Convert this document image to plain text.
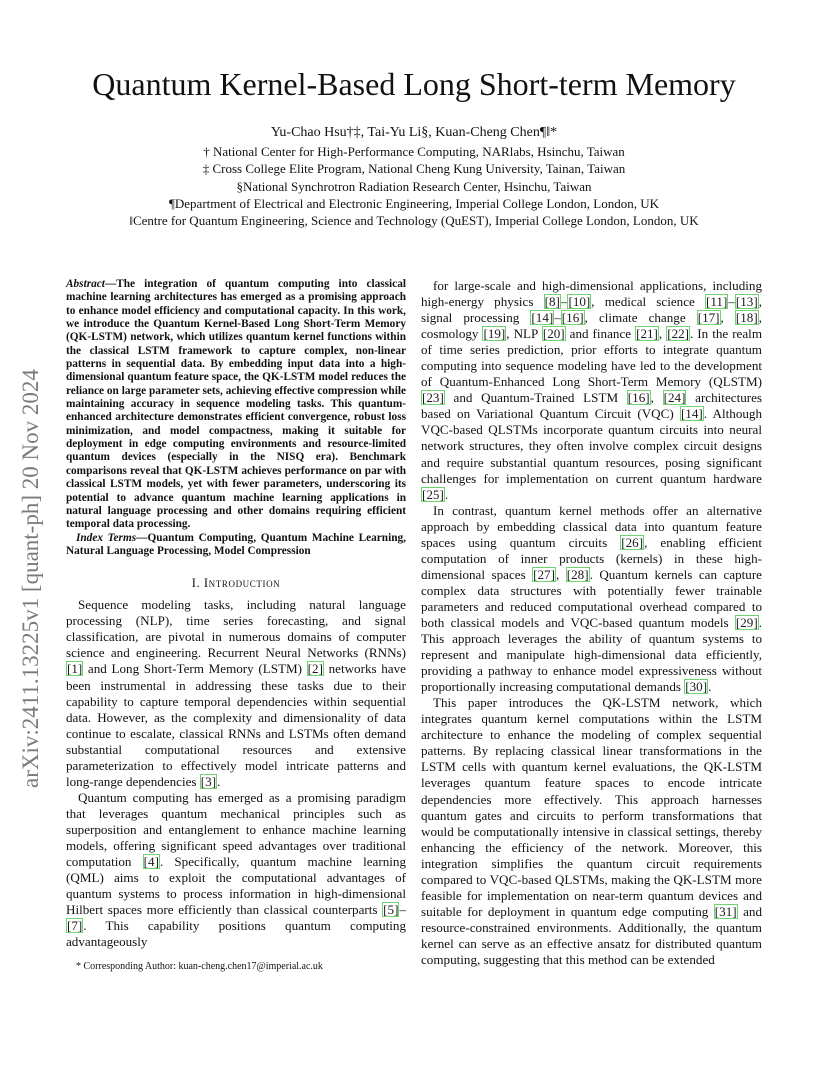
arXiv:2411.13225v1 [quant-ph] 20 Nov 2024
Quantum Kernel-Based Long Short-term Memory
Yu-Chao Hsu†‡, Tai-Yu Li§, Kuan-Cheng Chen¶‖*
† National Center for High-Performance Computing, NARlabs, Hsinchu, Taiwan
‡ Cross College Elite Program, National Cheng Kung University, Tainan, Taiwan
§National Synchrotron Radiation Research Center, Hsinchu, Taiwan
¶Department of Electrical and Electronic Engineering, Imperial College London, London, UK
‖Centre for Quantum Engineering, Science and Technology (QuEST), Imperial College London, London, UK

Abstract—The integration of quantum computing into classical machine learning architectures has emerged as a promising approach to enhance model efficiency and computational capacity. In this work, we introduce the Quantum Kernel-Based Long Short-Term Memory (QK-LSTM) network, which utilizes quantum kernel functions within the classical LSTM framework to capture complex, non-linear patterns in sequential data. By embedding input data into a high-dimensional quantum feature space, the QK-LSTM model reduces the reliance on large parameter sets, achieving effective compression while maintaining accuracy in sequence modeling tasks. This quantum-enhanced architecture demonstrates efficient convergence, robust loss minimization, and model compactness, making it suitable for deployment in edge computing environments and resource-limited quantum devices (especially in the NISQ era). Benchmark comparisons reveal that QK-LSTM achieves performance on par with classical LSTM models, yet with fewer parameters, underscoring its potential to advance quantum machine learning applications in natural language processing and other domains requiring efficient temporal data processing.

Index Terms—Quantum Computing, Quantum Machine Learning, Natural Language Processing, Model Compression

I. Introduction

Sequence modeling tasks, including natural language processing (NLP), time series forecasting, and signal classification, are pivotal in numerous domains of computer science and engineering. Recurrent Neural Networks (RNNs) [1] and Long Short-Term Memory (LSTM) [2] networks have been instrumental in addressing these tasks due to their capability to capture temporal dependencies within sequential data. However, as the complexity and dimensionality of data continue to escalate, classical RNNs and LSTMs often demand substantial computational resources and extensive parameterization to effectively model intricate patterns and long-range dependencies [3].

Quantum computing has emerged as a promising paradigm that leverages quantum mechanical principles such as superposition and entanglement to enhance machine learning models, offering significant speed advantages over traditional computation [4]. Specifically, quantum machine learning (QML) aims to exploit the computational advantages of quantum systems to process information in high-dimensional Hilbert spaces more efficiently than classical counterparts [5]–[7]. This capability positions quantum computing advantageously

for large-scale and high-dimensional applications, including high-energy physics [8]–[10], medical science [11]–[13], signal processing [14]–[16], climate change [17], [18], cosmology [19], NLP [20] and finance [21], [22]. In the realm of time series prediction, prior efforts to integrate quantum computing into sequence modeling have led to the development of Quantum-Enhanced Long Short-Term Memory (QLSTM) [23] and Quantum-Trained LSTM [16], [24] architectures based on Variational Quantum Circuit (VQC) [14]. Although VQC-based QLSTMs incorporate quantum circuits into neural network structures, they often involve complex circuit designs and require substantial quantum resources, posing significant challenges for implementation on current quantum hardware [25].

In contrast, quantum kernel methods offer an alternative approach by embedding classical data into quantum feature spaces using quantum circuits [26], enabling efficient computation of inner products (kernels) in these high-dimensional spaces [27], [28]. Quantum kernels can capture complex data structures with potentially fewer trainable parameters and reduced computational overhead compared to both classical models and VQC-based quantum models [29]. This approach leverages the ability of quantum systems to represent and manipulate high-dimensional data efficiently, providing a pathway to enhance model expressiveness without proportionally increasing computational demands [30].

This paper introduces the QK-LSTM network, which integrates quantum kernel computations within the LSTM architecture to enhance the modeling of complex sequential patterns. By replacing classical linear transformations in the LSTM cells with quantum kernel evaluations, the QK-LSTM leverages quantum feature spaces to encode intricate dependencies more effectively. This approach harnesses quantum gates and circuits to perform transformations that would be computationally intensive in classical settings, thereby enhancing the efficiency of the network. Moreover, this integration simplifies the quantum circuit requirements compared to VQC-based QLSTMs, making the QK-LSTM more feasible for implementation on near-term quantum devices and suitable for deployment in quantum edge computing [31] and resource-constrained environments. Additionally, the quantum kernel can serve as an effective ansatz for distributed quantum computing, suggesting that this method can be extended

* Corresponding Author: kuan-cheng.chen17@imperial.ac.uk
